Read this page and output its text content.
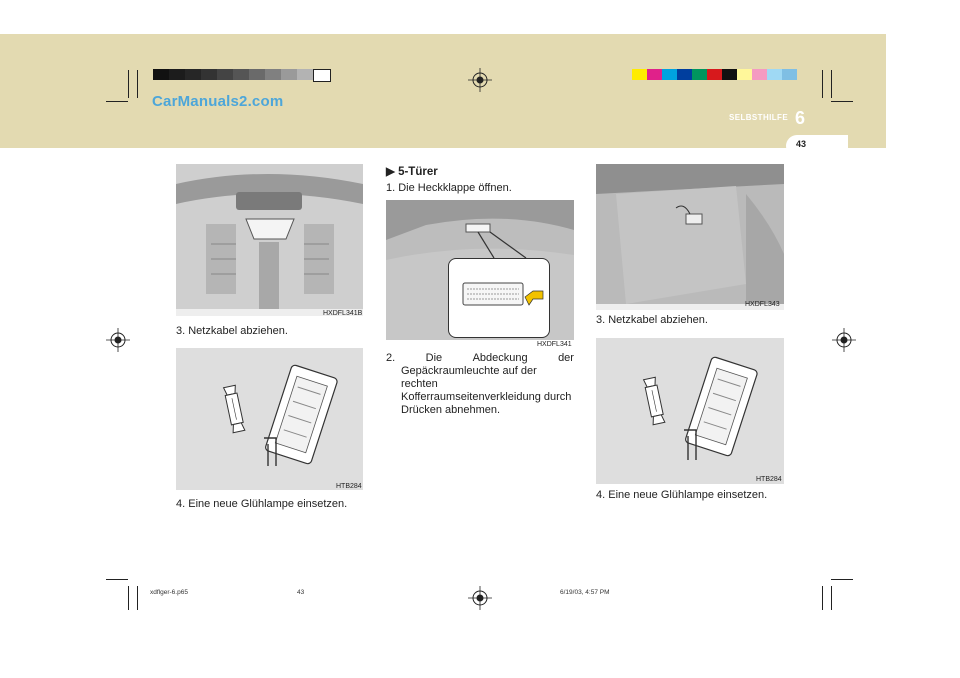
CarManuals2.com
SELBSTHILFE 6
43
HXDFL341B
3. Netzkabel abziehen.
HTB284
4. Eine neue Glühlampe einsetzen.
▶ 5-Türer
1. Die Heckklappe öffnen.
HXDFL341
2.	Die	Abdeckung	der
Gepäckraumleuchte auf der rechten
Kofferraumseitenverkleidung durch
Drücken abnehmen.
HXDFL343
3. Netzkabel abziehen.
HTB284
4. Eine neue Glühlampe einsetzen.
xdflger-6.p65	43	6/19/03, 4:57 PM
